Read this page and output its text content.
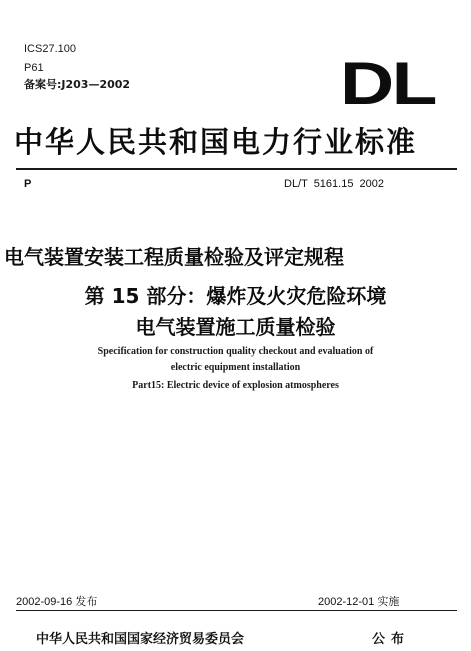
ICS27.100
P61
备案号:J203—2002	DL
中华人民共和国电力行业标准
P	DL/T 5161.15 2002
电气装置安装工程质量检验及评定规程
第 15 部分：爆炸及火灾危险环境
电气装置施工质量检验
Specification for construction quality checkout and evaluation of
electric equipment installation
Part15: Electric device of explosion atmospheres
2002-09-16 发布	2002-12-01 实施
中华人民共和国国家经济贸易委员会	公布
